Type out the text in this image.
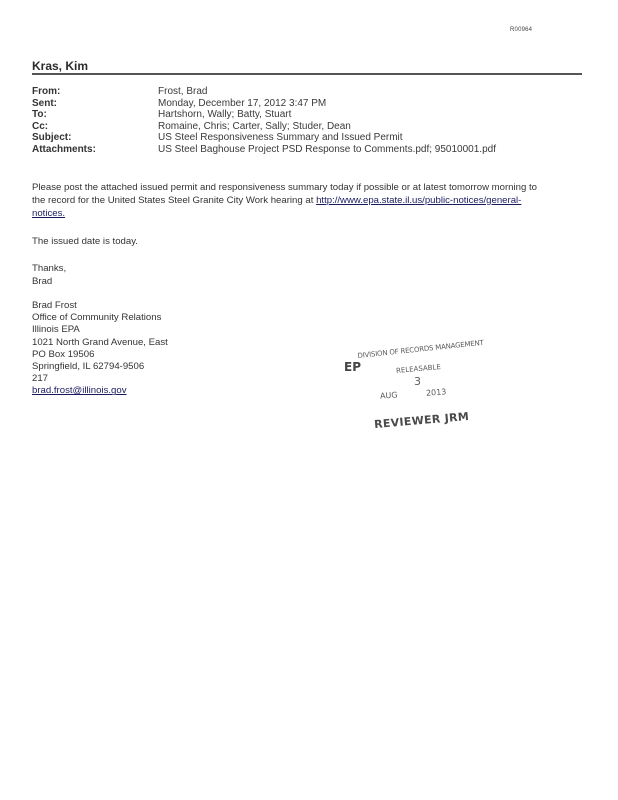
R00964
Kras, Kim
From:	Frost, Brad
Sent:	Monday, December 17, 2012 3:47 PM
To:	Hartshorn, Wally; Batty, Stuart
Cc:	Romaine, Chris; Carter, Sally; Studer, Dean
Subject:	US Steel Responsiveness Summary and Issued Permit
Attachments:	US Steel Baghouse Project PSD Response to Comments.pdf; 95010001.pdf
Please post the attached issued permit and responsiveness summary today if possible or at latest tomorrow morning to
the record for the United States Steel Granite City Work hearing at http://www.epa.state.il.us/public-notices/general-
notices.
The issued date is today.
Thanks,
Brad
Brad Frost
Office of Community Relations
Illinois EPA
1021 North Grand Avenue, East
PO Box 19506
Springfield, IL 62794-9506
217
brad.frost@illinois.gov
EP
DIVISION OF RECORDS MANAGEMENT
RELEASABLE
3
AUG	2013
REVIEWER JRM
